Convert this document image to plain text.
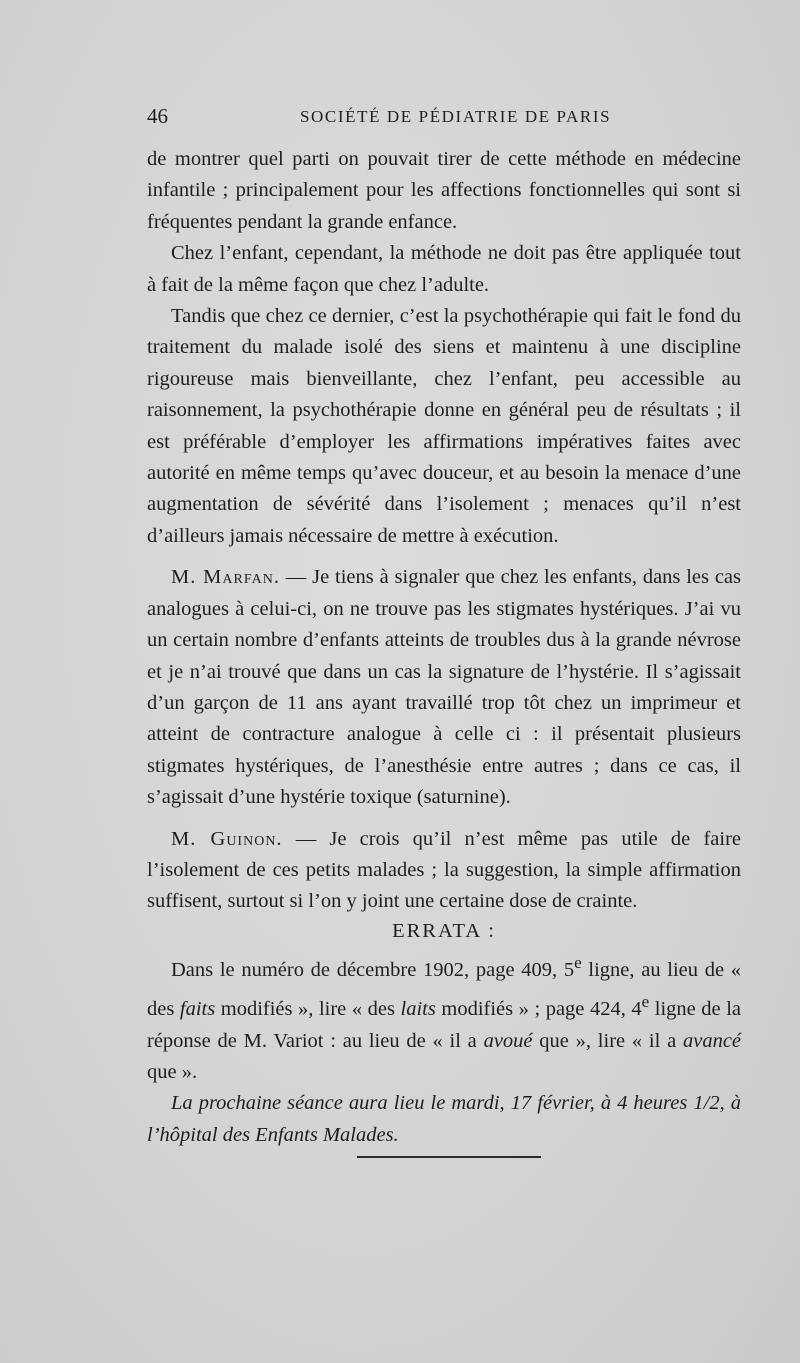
46	SOCIÉTÉ DE PÉDIATRIE DE PARIS

de montrer quel parti on pouvait tirer de cette méthode en médecine infantile ; principalement pour les affections fonctionnelles qui sont si fréquentes pendant la grande enfance.

Chez l’enfant, cependant, la méthode ne doit pas être appliquée tout à fait de la même façon que chez l’adulte.

Tandis que chez ce dernier, c’est la psychothérapie qui fait le fond du traitement du malade isolé des siens et maintenu à une discipline rigoureuse mais bienveillante, chez l’enfant, peu accessible au raisonnement, la psychothérapie donne en général peu de résultats ; il est préférable d’employer les affirmations impératives faites avec autorité en même temps qu’avec douceur, et au besoin la menace d’une augmentation de sévérité dans l’isolement ; menaces qu’il n’est d’ailleurs jamais nécessaire de mettre à exécution.

M. Marfan. — Je tiens à signaler que chez les enfants, dans les cas analogues à celui-ci, on ne trouve pas les stigmates hystériques. J’ai vu un certain nombre d’enfants atteints de troubles dus à la grande névrose et je n’ai trouvé que dans un cas la signature de l’hystérie. Il s’agissait d’un garçon de 11 ans ayant travaillé trop tôt chez un imprimeur et atteint de contracture analogue à celle ci : il présentait plusieurs stigmates hystériques, de l’anesthésie entre autres ; dans ce cas, il s’agissait d’une hystérie toxique (saturnine).

M. Guinon. — Je crois qu’il n’est même pas utile de faire l’isolement de ces petits malades ; la suggestion, la simple affirmation suffisent, surtout si l’on y joint une certaine dose de crainte.

ERRATA :

Dans le numéro de décembre 1902, page 409, 5e ligne, au lieu de « des faits modifiés », lire « des laits modifiés » ; page 424, 4e ligne de la réponse de M. Variot : au lieu de « il a avoué que », lire « il a avancé que ».

La prochaine séance aura lieu le mardi, 17 février, à 4 heures 1/2, à l’hôpital des Enfants Malades.
